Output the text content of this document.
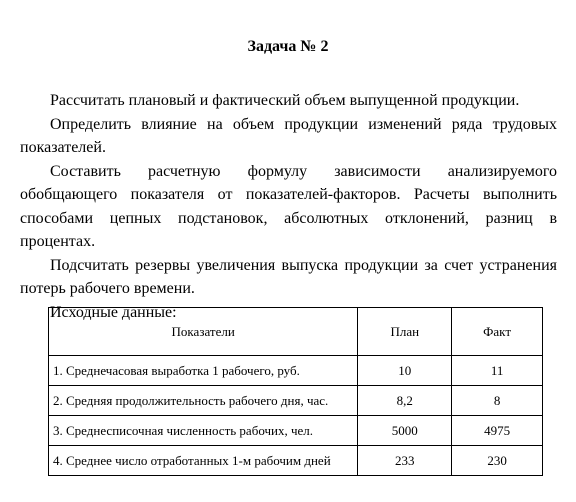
Задача № 2

Рассчитать плановый и фактический объем выпущенной продукции.

Определить влияние на объем продукции изменений ряда трудовых показателей.

Составить расчетную формулу зависимости анализируемого обобщающего показателя от показателей-факторов. Расчеты выполнить способами цепных подстановок, абсолютных отклонений, разниц в процентах.

Подсчитать резервы увеличения выпуска продукции за счет устранения потерь рабочего времени.

Исходные данные:

Показатели	План	Факт
1. Среднечасовая выработка 1 рабочего, руб.	10	11
2. Средняя продолжительность рабочего дня, час.	8,2	8
3. Среднесписочная численность рабочих, чел.	5000	4975
4. Среднее число отработанных 1-м рабочим дней	233	230
